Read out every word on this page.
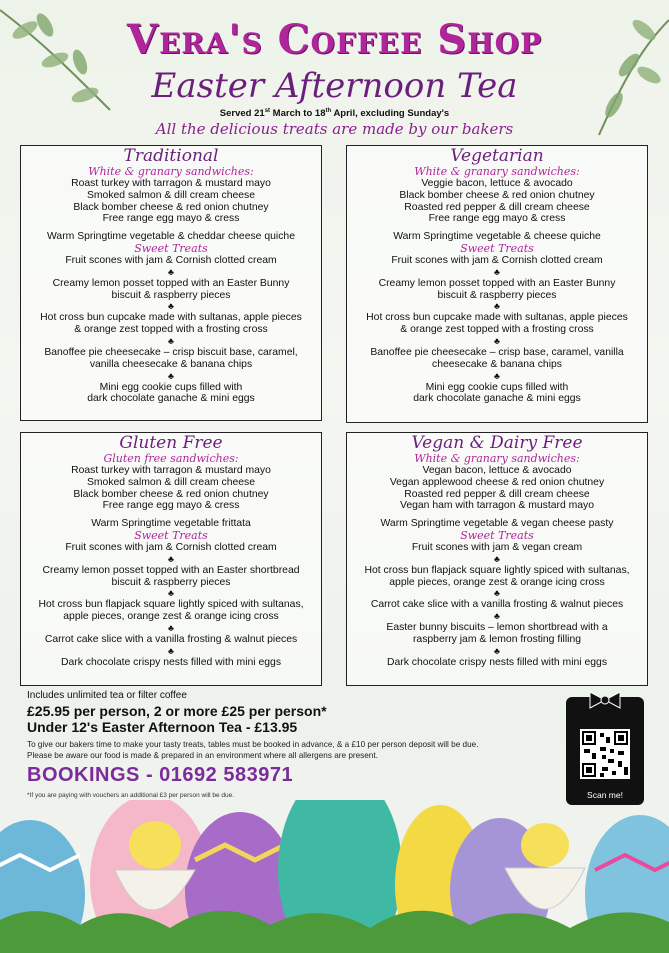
Vera's Coffee Shop
Easter Afternoon Tea
Served 21st March to 18th April, excluding Sunday's
All the delicious treats are made by our bakers
Traditional
White & granary sandwiches:
Roast turkey with tarragon & mustard mayo
Smoked salmon & dill cream cheese
Black bomber cheese & red onion chutney
Free range egg mayo & cress
Warm Springtime vegetable & cheddar cheese quiche
Sweet Treats
Fruit scones with jam & Cornish clotted cream
♣
Creamy lemon posset topped with an Easter Bunny
biscuit & raspberry pieces
♣
Hot cross bun cupcake made with sultanas, apple pieces
& orange zest topped with a frosting cross
♣
Banoffee pie cheesecake – crisp biscuit base, caramel,
vanilla cheesecake & banana chips
♣
Mini egg cookie cups filled with
dark chocolate ganache & mini eggs
Vegetarian
White & granary sandwiches:
Veggie bacon, lettuce & avocado
Black bomber cheese & red onion chutney
Roasted red pepper & dill cream cheese
Free range egg mayo & cress
Warm Springtime vegetable & cheese quiche
Sweet Treats
Fruit scones with jam & Cornish clotted cream
♣
Creamy lemon posset topped with an Easter Bunny
biscuit & raspberry pieces
♣
Hot cross bun cupcake made with sultanas, apple pieces
& orange zest topped with a frosting cross
♣
Banoffee pie cheesecake – crisp base, caramel, vanilla
cheesecake & banana chips
♣
Mini egg cookie cups filled with
dark chocolate ganache & mini eggs
Gluten Free
Gluten free sandwiches:
Roast turkey with tarragon & mustard mayo
Smoked salmon & dill cream cheese
Black bomber cheese & red onion chutney
Free range egg mayo & cress
Warm Springtime vegetable frittata
Sweet Treats
Fruit scones with jam & Cornish clotted cream
♣
Creamy lemon posset topped with an Easter shortbread
biscuit & raspberry pieces
♣
Hot cross bun flapjack square lightly spiced with sultanas,
apple pieces, orange zest & orange icing cross
♣
Carrot cake slice with a vanilla frosting & walnut pieces
♣
Dark chocolate crispy nests filled with mini eggs
Vegan & Dairy Free
White & granary sandwiches:
Vegan bacon, lettuce & avocado
Vegan applewood cheese & red onion chutney
Roasted red pepper & dill cream cheese
Vegan ham with tarragon & mustard mayo
Warm Springtime vegetable & vegan cheese pasty
Sweet Treats
Fruit scones with jam & vegan cream
♣
Hot cross bun flapjack square lightly spiced with sultanas,
apple pieces, orange zest & orange icing cross
♣
Carrot cake slice with a vanilla frosting & walnut pieces
♣
Easter bunny biscuits – lemon shortbread with a
raspberry jam & lemon frosting filling
♣
Dark chocolate crispy nests filled with mini eggs
Includes unlimited tea or filter coffee
£25.95 per person, 2 or more £25 per person*
Under 12's Easter Afternoon Tea - £13.95
To give our bakers time to make your tasty treats, tables must be booked in advance, & a £10 per person deposit will be due.
Please be aware our food is made & prepared in an environment where all allergens are present.
BOOKINGS - 01692 583971
*If you are paying with vouchers an additional £3 per person will be due.	Scan me!
